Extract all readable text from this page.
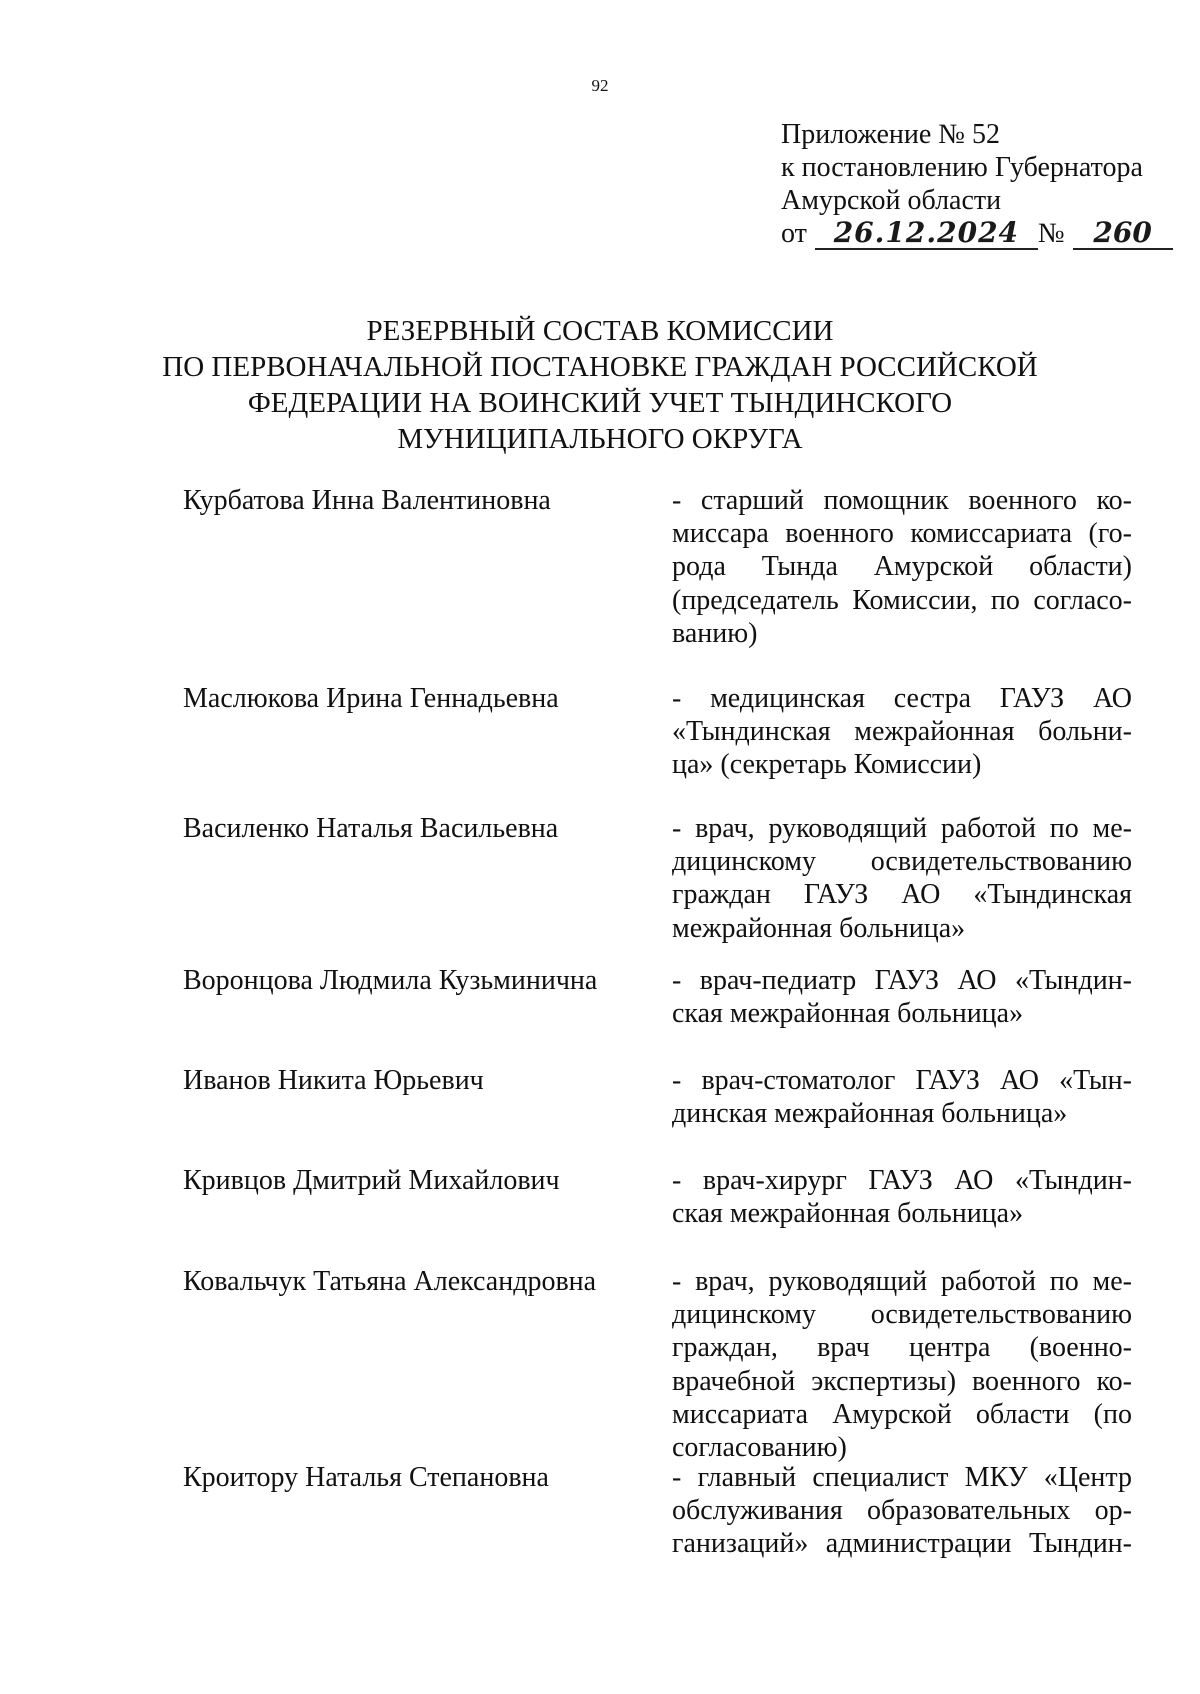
92
Приложение № 52
к постановлению Губернатора
Амурской области
от 26.12.2024 №	260
РЕЗЕРВНЫЙ СОСТАВ КОМИССИИ
ПО ПЕРВОНАЧАЛЬНОЙ ПОСТАНОВКЕ ГРАЖДАН РОССИЙСКОЙ
ФЕДЕРАЦИИ НА ВОИНСКИЙ УЧЕТ ТЫНДИНСКОГО
МУНИЦИПАЛЬНОГО ОКРУГА
Курбатова Инна Валентиновна	- старший помощник военного ко-
миссара военного комиссариата (го-
рода Тында Амурской области)
(председатель Комиссии, по согласо-
ванию)
Маслюкова Ирина Геннадьевна	- медицинская сестра ГАУЗ АО
«Тындинская межрайонная больни-
ца» (секретарь Комиссии)
Василенко Наталья Васильевна	- врач, руководящий работой по ме-
дицинскому освидетельствованию
граждан ГАУЗ АО «Тындинская
межрайонная больница»
Воронцова Людмила Кузьминична	- врач-педиатр ГАУЗ АО «Тындин-
ская межрайонная больница»
Иванов Никита Юрьевич	- врач-стоматолог ГАУЗ АО «Тын-
динская межрайонная больница»
Кривцов Дмитрий Михайлович	- врач-хирург ГАУЗ АО «Тындин-
ская межрайонная больница»
Ковальчук Татьяна Александровна	- врач, руководящий работой по ме-
дицинскому освидетельствованию
граждан, врач центра (военно-
врачебной экспертизы) военного ко-
миссариата Амурской области (по
согласованию)
Кроитору Наталья Степановна	- главный специалист МКУ «Центр
обслуживания образовательных ор-
ганизаций» администрации Тындин-
